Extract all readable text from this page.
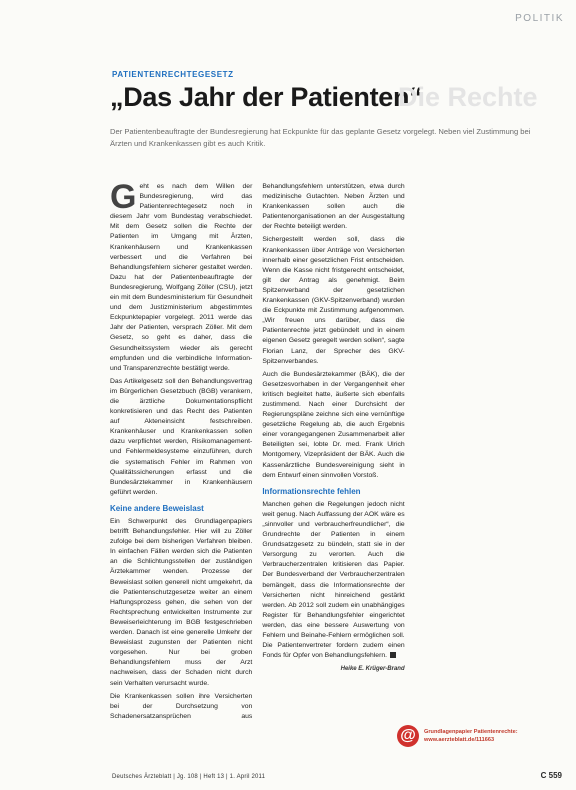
POLITIK
PATIENTENRECHTEGESETZ
„Das Jahr der Patienten“
Die Rechte

Der Patientenbeauftragte der Bundesregierung hat Eckpunkte für das geplante Gesetz vorgelegt. Neben viel Zustimmung bei Ärzten und Krankenkassen gibt es auch Kritik.

Geht es nach dem Willen der Bundesregierung, wird das Patientenrechtegesetz noch in diesem Jahr vom Bundestag verabschiedet. Mit dem Gesetz sollen die Rechte der Patienten im Umgang mit Ärzten, Krankenhäusern und Krankenkassen verbessert und die Verfahren bei Behandlungsfehlern sicherer gestaltet werden. Dazu hat der Patientenbeauftragte der Bundesregierung, Wolfgang Zöller (CSU), jetzt ein mit dem Bundesministerium für Gesundheit und dem Justizministerium abgestimmtes Eckpunktepapier vorgelegt. 2011 werde das Jahr der Patienten, versprach Zöller. Mit dem Gesetz, so geht es daher, dass die Gesundheitssystem wieder als gerecht empfunden und die verbindliche Information- und Transparenzrechte bestätigt werde.

Das Artikelgesetz soll den Behandlungsvertrag im Bürgerlichen Gesetzbuch (BGB) verankern, die ärztliche Dokumentationspflicht konkretisieren und das Recht des Patienten auf Akteneinsicht festschreiben. Krankenhäuser und Krankenkassen sollen dazu verpflichtet werden, Risikomanagement- und Fehlermeldesysteme einzuführen, durch die systematisch Fehler im Rahmen von Qualitätssicherungen erfasst und die Bundesärztekammer in Krankenhäusern geführt werden.

Keine andere Beweislast

Ein Schwerpunkt des Grundlagenpapiers betrifft Behandlungsfehler. Hier will zu Zöller zufolge bei dem bisherigen Verfahren bleiben. In einfachen Fällen werden sich die Patienten an die Schlichtungsstellen der zuständigen Ärztekammer wenden. Prozesse der Beweislast sollen generell nicht umgekehrt, da die Patientenschutzgesetze weiter an einem Haftungsprozess gehen, die sehen von der Rechtsprechung entwickelten Instrumente zur Beweiserleichterung im BGB festgeschrieben werden. Danach ist eine generelle Umkehr der Beweislast zugunsten der Patienten nicht vorgesehen. Nur bei groben Behandlungsfehlern muss der Arzt nachweisen, dass der Schaden nicht durch sein Verhalten verursacht wurde.

Die Krankenkassen sollen ihre Versicherten bei der Durchsetzung von Schadenersatzansprüchen aus Behandlungsfehlern unterstützen, etwa durch medizinische Gutachten. Neben Ärzten und Krankenkassen sollen auch die Patientenorganisationen an der Ausgestaltung der Rechte beteiligt werden.

Sichergestellt werden soll, dass die Krankenkassen über Anträge von Versicherten innerhalb einer gesetzlichen Frist entscheiden. Wenn die Kasse nicht fristgerecht entscheidet, gilt der Antrag als genehmigt. Beim Spitzenverband der gesetzlichen Krankenkassen (GKV-Spitzenverband) wurden die Eckpunkte mit Zustimmung aufgenommen. „Wir freuen uns darüber, dass die Patientenrechte jetzt gebündelt und in einem eigenen Gesetz geregelt werden sollen“, sagte Florian Lanz, der Sprecher des GKV-Spitzenverbandes.

Auch die Bundesärztekammer (BÄK), die der Gesetzesvorhaben in der Vergangenheit eher kritisch begleitet hatte, äußerte sich ebenfalls zustimmend. Nach einer Durchsicht der Regierungspläne zeichne sich eine vernünftige gesetzliche Regelung ab, die auch Ergebnis einer vorangegangenen Zusammenarbeit aller Beteiligten sei, lobte Dr. med. Frank Ulrich Montgomery, Vizepräsident der BÄK. Auch die Kassenärztliche Bundesvereinigung sieht in dem Entwurf einen sinnvollen Vorstoß.

Informationsrechte fehlen

Manchen gehen die Regelungen jedoch nicht weit genug. Nach Auffassung der AOK wäre es „sinnvoller und verbraucherfreundlicher“, die Grundrechte der Patienten in einem Grundsatzgesetz zu bündeln, statt sie in der Versorgung zu verorten. Auch die Verbraucherzentralen kritisieren das Papier. Der Bundesverband der Verbraucherzentralen bemängelt, dass die Informationsrechte der Versicherten nicht hinreichend gestärkt werden. Ab 2012 soll zudem ein unabhängiges Register für Behandlungsfehler eingerichtet werden, das eine bessere Auswertung von Fehlern und Beinahe-Fehlern ermöglichen soll. Die Patientenvertreter fordern zudem einen Fonds für Opfer von Behandlungsfehlern.

Heike E. Krüger-Brand
@	Grundlagenpapier Patientenrechte: www.aerzteblatt.de/111663
Deutsches Ärzteblatt | Jg. 108 | Heft 13 | 1. April 2011	C 559
